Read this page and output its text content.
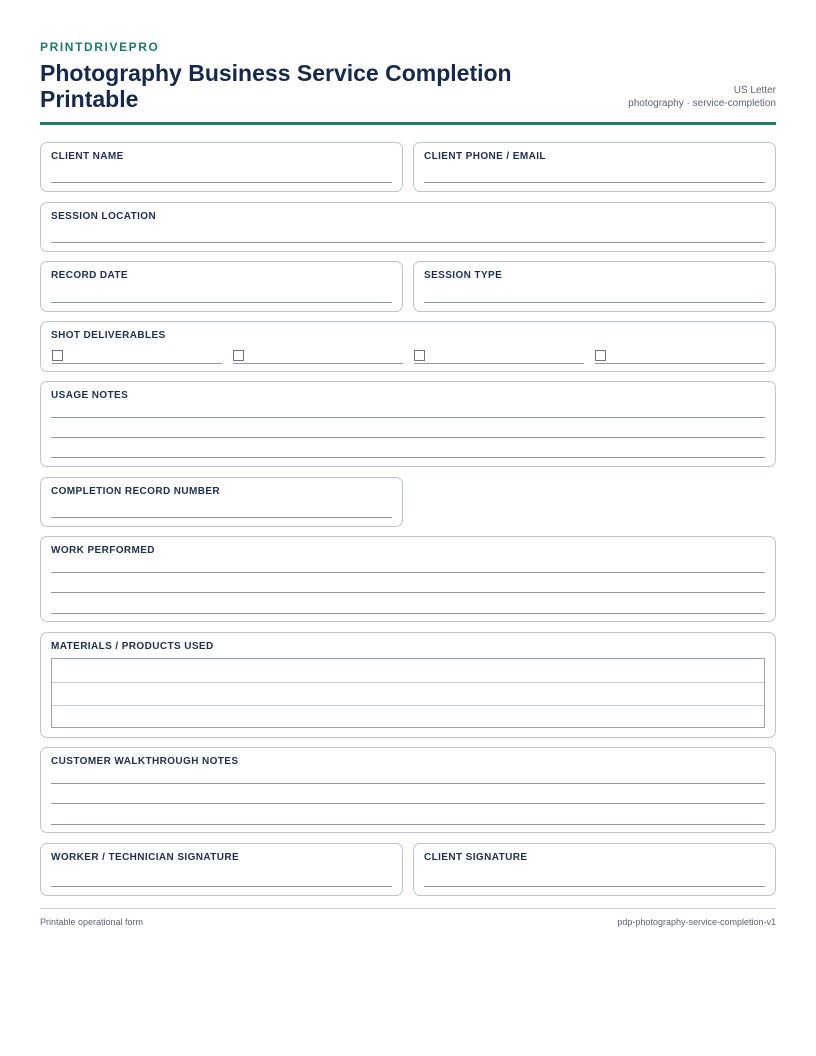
PRINTDRIVEPRO
Photography Business Service Completion Printable	US Letter
photography · service-completion
CLIENT NAME	CLIENT PHONE / EMAIL
SESSION LOCATION
RECORD DATE	SESSION TYPE
SHOT DELIVERABLES
USAGE NOTES
COMPLETION RECORD NUMBER
WORK PERFORMED
MATERIALS / PRODUCTS USED
CUSTOMER WALKTHROUGH NOTES
WORKER / TECHNICIAN SIGNATURE	CLIENT SIGNATURE
Printable operational form	pdp-photography-service-completion-v1
